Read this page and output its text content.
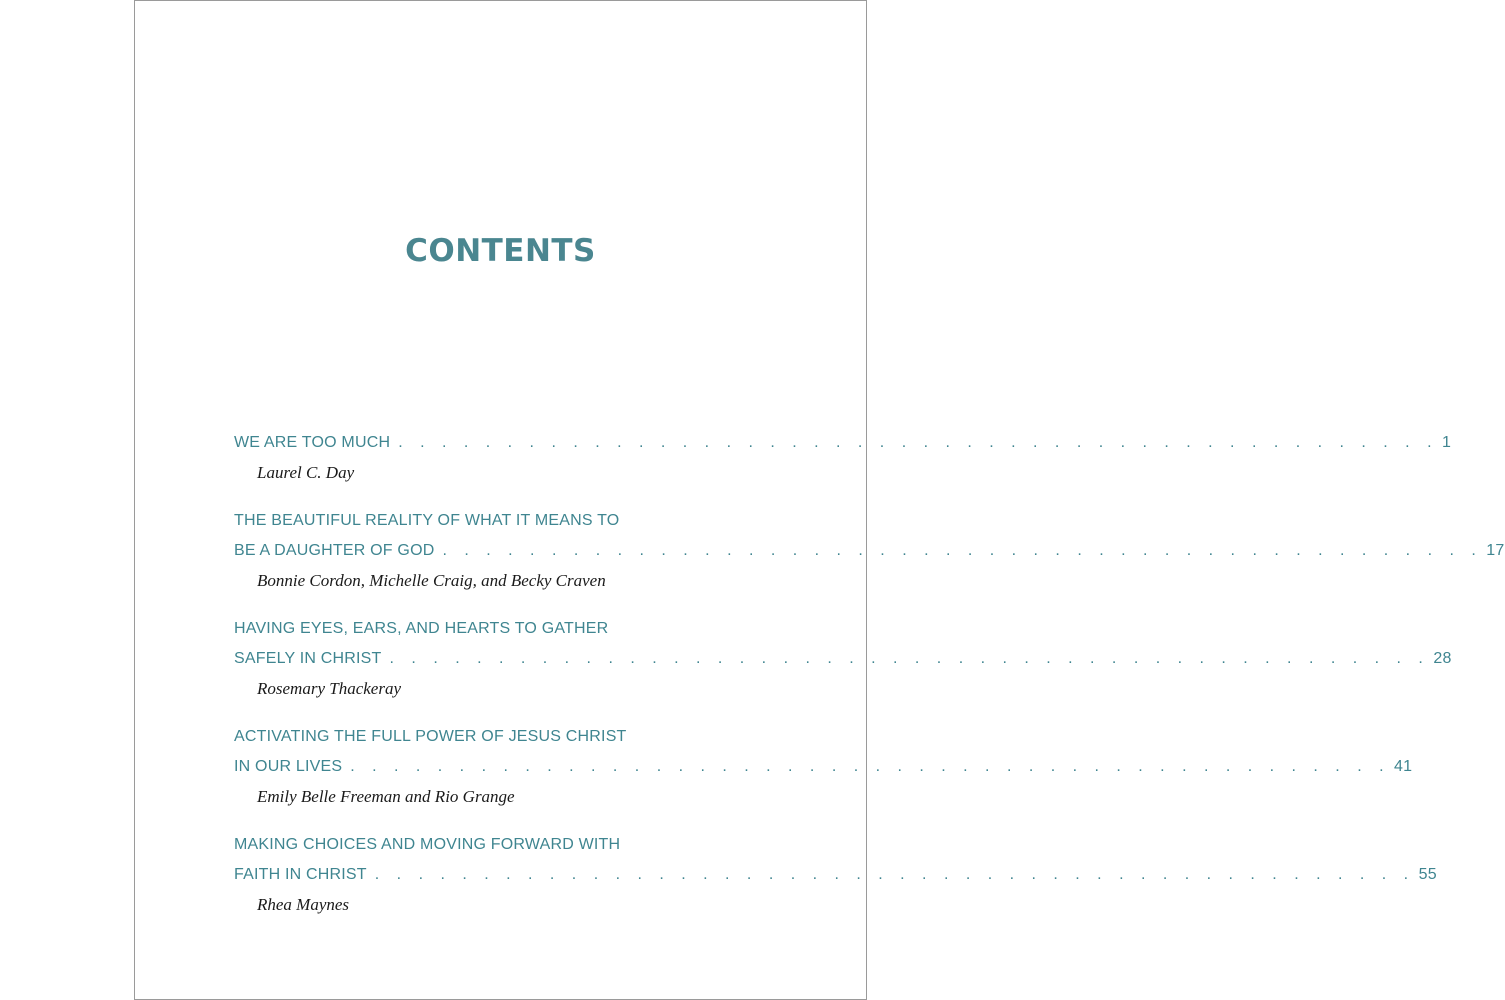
CONTENTS
WE ARE TOO MUCH . . . . . . . . . . . . . . . . . . . . . . . . . . . . . . . . . . . . . . . . . . . . . . . . 1
Laurel C. Day
THE BEAUTIFUL REALITY OF WHAT IT MEANS TO
BE A DAUGHTER OF GOD . . . . . . . . . . . . . . . . . . . . . . . . . . . . . . . . . . . . . . . . . . . . . . . . 17
Bonnie Cordon, Michelle Craig, and Becky Craven
HAVING EYES, EARS, AND HEARTS TO GATHER
SAFELY IN CHRIST . . . . . . . . . . . . . . . . . . . . . . . . . . . . . . . . . . . . . . . . . . . . . . . . 28
Rosemary Thackeray
ACTIVATING THE FULL POWER OF JESUS CHRIST
IN OUR LIVES . . . . . . . . . . . . . . . . . . . . . . . . . . . . . . . . . . . . . . . . . . . . . . . . 41
Emily Belle Freeman and Rio Grange
MAKING CHOICES AND MOVING FORWARD WITH
FAITH IN CHRIST . . . . . . . . . . . . . . . . . . . . . . . . . . . . . . . . . . . . . . . . . . . . . . . . 55
Rhea Maynes
